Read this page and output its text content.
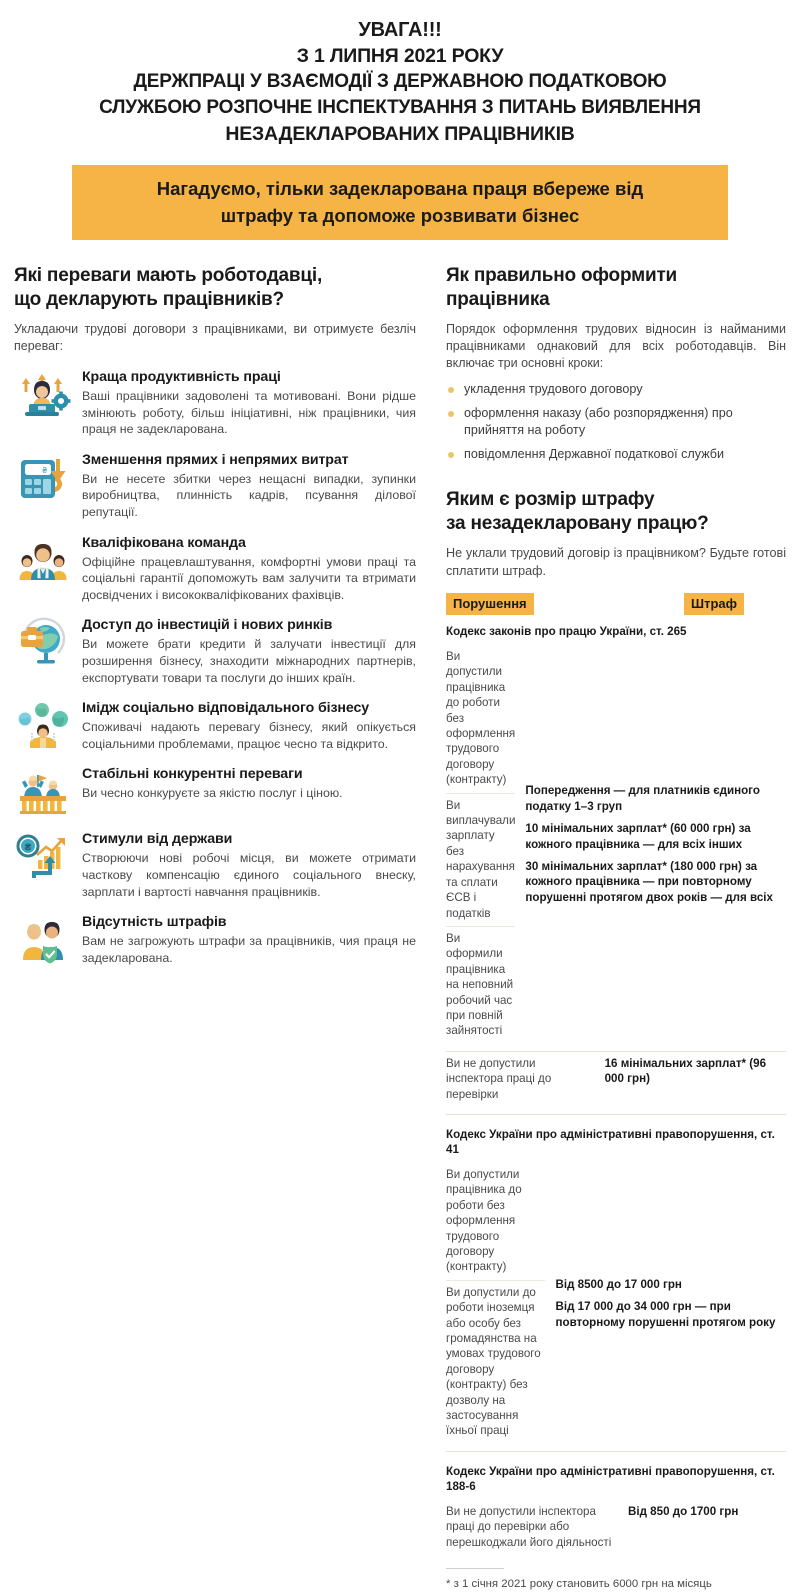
УВАГА!!!
З 1 ЛИПНЯ 2021 РОКУ
ДЕРЖПРАЦІ У ВЗАЄМОДІЇ З ДЕРЖАВНОЮ ПОДАТКОВОЮ
СЛУЖБОЮ РОЗПОЧНЕ ІНСПЕКТУВАННЯ З ПИТАНЬ ВИЯВЛЕННЯ
НЕЗАДЕКЛАРОВАНИХ ПРАЦІВНИКІВ
Нагадуємо, тільки задекларована праця вбереже від
штрафу та допоможе розвивати бізнес
Які переваги мають роботодавці,
що декларують працівників?

Укладаючи трудові договори з працівниками, ви отримуєте безліч переваг:

Краща продуктивність праці

Ваші працівники задоволені та мотивовані. Вони рідше змінюють роботу, більш ініціативні, ніж працівники, чия праця не задекларована.

₴
Зменшення прямих і непрямих витрат

Ви не несете збитки через нещасні випадки, зупинки виробництва, плинність кадрів, псування ділової репутації.

Кваліфікована команда

Офіційне працевлаштування, комфортні умови праці та соціальні гарантії допоможуть вам залучити та втримати досвідчених і висококваліфікованих фахівців.

Доступ до інвестицій і нових ринків

Ви можете брати кредити й залучати інвестиції для розширення бізнесу, знаходити міжнародних партнерів, експортувати товари та послуги до інших країн.

Імідж соціально відповідального бізнесу

Споживачі надають перевагу бізнесу, який опікується соціальними проблемами, працює чесно та відкрито.

Стабільні конкурентні переваги

Ви чесно конкуруєте за якістю послуг і ціною.

₴
Стимули від держави

Створюючи нові робочі місця, ви можете отримати часткову компенсацію єдиного соціального внеску, зарплати і вартості навчання працівників.

Відсутність штрафів

Вам не загрожують штрафи за працівників, чия праця не задекларована.

Як правильно оформити
працівника

Порядок оформлення трудових відносин із найманими працівниками однаковий для всіх роботодавців. Він включає три основні кроки:

укладення трудового договору
оформлення наказу (або розпорядження) про прийняття на роботу
повідомлення Державної податкової служби
Яким є розмір штрафу
за незадекларовану працю?

Не уклали трудовий договір із працівником? Будьте готові сплатити штраф.

Порушення	Штраф
Кодекс законів про працю України, ст. 265
Ви допустили працівника до роботи без оформлення трудового договору (контракту)
Ви виплачували зарплату без нарахування та сплати ЄСВ і податків
Ви оформили працівника на неповний робочий час при повній зайнятості

Попередження — для платників єдиного податку 1–3 груп

10 мінімальних зарплат* (60 000 грн) за кожного працівника — для всіх інших

30 мінімальних зарплат* (180 000 грн) за кожного працівника — при повторному порушенні протягом двох років — для всіх

Ви не допустили інспектора праці до перевірки
16 мінімальних зарплат* (96 000 грн)
Кодекс України про адміністративні правопорушення, ст. 41
Ви допустили працівника до роботи без оформлення трудового договору (контракту)
Ви допустили до роботи іноземця або особу без громадянства на умовах трудового договору (контракту) без дозволу на застосування їхньої праці

Від 8500 до 17 000 грн

Від 17 000 до 34 000 грн — при повторному порушенні протягом року

Кодекс України про адміністративні правопорушення, ст. 188-6
Ви не допустили інспектора праці до перевірки або перешкоджали його діяльності
Від 850 до 1700 грн
* з 1 січня 2021 року становить 6000 грн на місяць
